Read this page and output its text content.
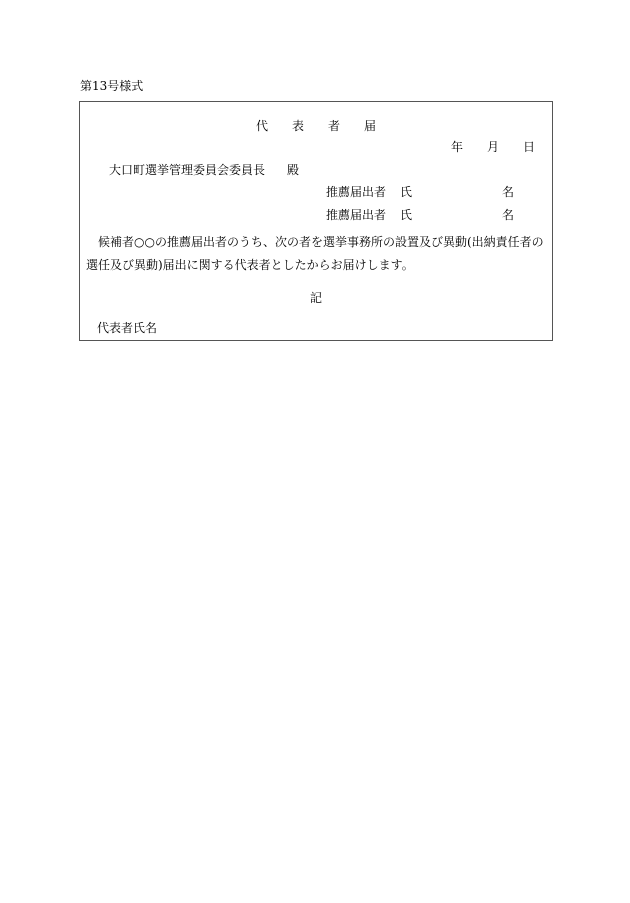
第13号様式
代表者届
年 月 日
大口町選挙管理委員会委員長 殿
推薦届出者 氏	名
推薦届出者 氏	名
候補者○○の推薦届出者のうち、次の者を選挙事務所の設置及び異動(出納責任者の選任及び異動)届出に関する代表者としたからお届けします。
記
代表者氏名
